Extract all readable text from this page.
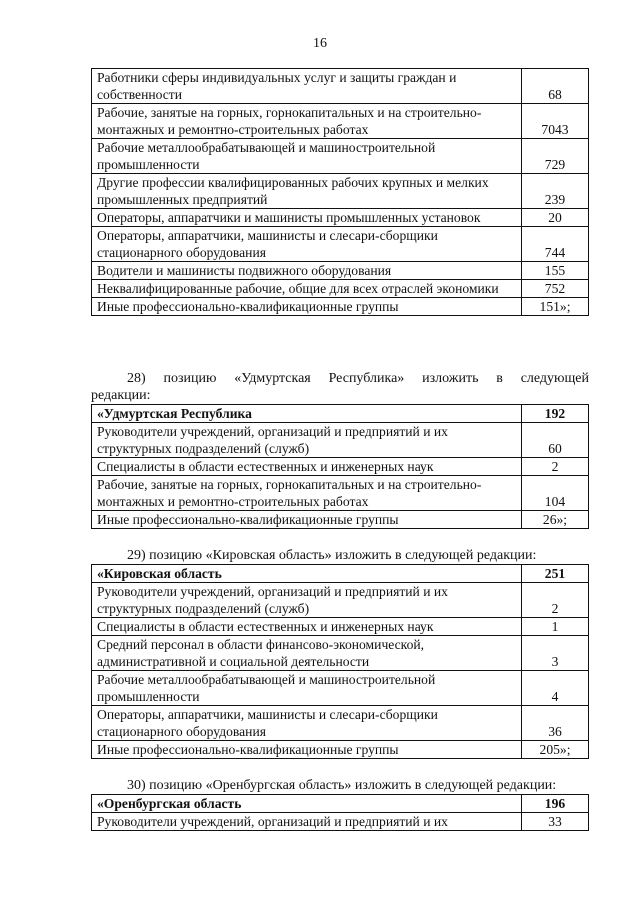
16
Работники сферы индивидуальных услуг и защиты граждан и собственности	68
Рабочие, занятые на горных, горнокапитальных и на строительно-монтажных и ремонтно-строительных работах	7043
Рабочие металлообрабатывающей и машиностроительной промышленности	729
Другие профессии квалифицированных рабочих крупных и мелких промышленных предприятий	239
Операторы, аппаратчики и машинисты промышленных установок	20
Операторы, аппаратчики, машинисты и слесари-сборщики стационарного оборудования	744
Водители и машинисты подвижного оборудования	155
Неквалифицированные рабочие, общие для всех отраслей экономики	752
Иные профессионально-квалификационные группы	151»;
28) позицию «Удмуртская Республика» изложить в следующей
редакции:
«Удмуртская Республика	192
Руководители учреждений, организаций и предприятий и их структурных подразделений (служб)	60
Специалисты в области естественных и инженерных наук	2
Рабочие, занятые на горных, горнокапитальных и на строительно-монтажных и ремонтно-строительных работах	104
Иные профессионально-квалификационные группы	26»;
29) позицию «Кировская область» изложить в следующей редакции:
«Кировская область	251
Руководители учреждений, организаций и предприятий и их структурных подразделений (служб)	2
Специалисты в области естественных и инженерных наук	1
Средний персонал в области финансово-экономической, административной и социальной деятельности	3
Рабочие металлообрабатывающей и машиностроительной промышленности	4
Операторы, аппаратчики, машинисты и слесари-сборщики стационарного оборудования	36
Иные профессионально-квалификационные группы	205»;
30) позицию «Оренбургская область» изложить в следующей редакции:
«Оренбургская область	196
Руководители учреждений, организаций и предприятий и их	33
